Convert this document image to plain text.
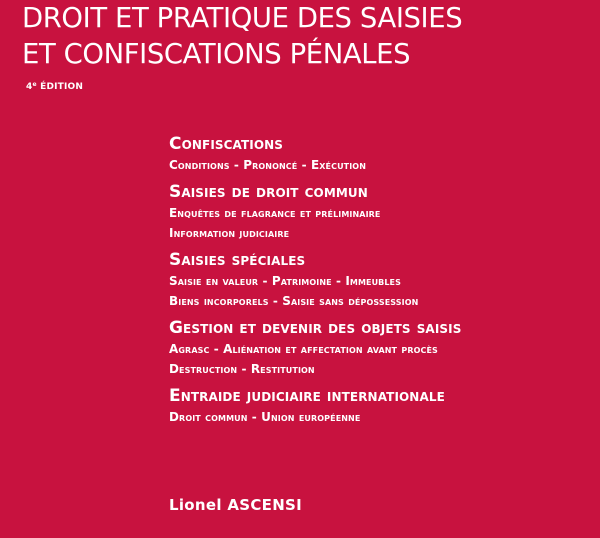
DROIT ET PRATIQUE DES SAISIES
ET CONFISCATIONS PÉNALES
4e ÉDITION
Confiscations
Conditions - Prononcé - Exécution
Saisies de droit commun
Enquêtes de flagrance et préliminaire
Information judiciaire
Saisies spéciales
Saisie en valeur - Patrimoine - Immeubles
Biens incorporels - Saisie sans dépossession
Gestion et devenir des objets saisis
Agrasc - Aliénation et affectation avant procès
Destruction - Restitution
Entraide judiciaire internationale
Droit commun - Union européenne
Lionel ASCENSI
